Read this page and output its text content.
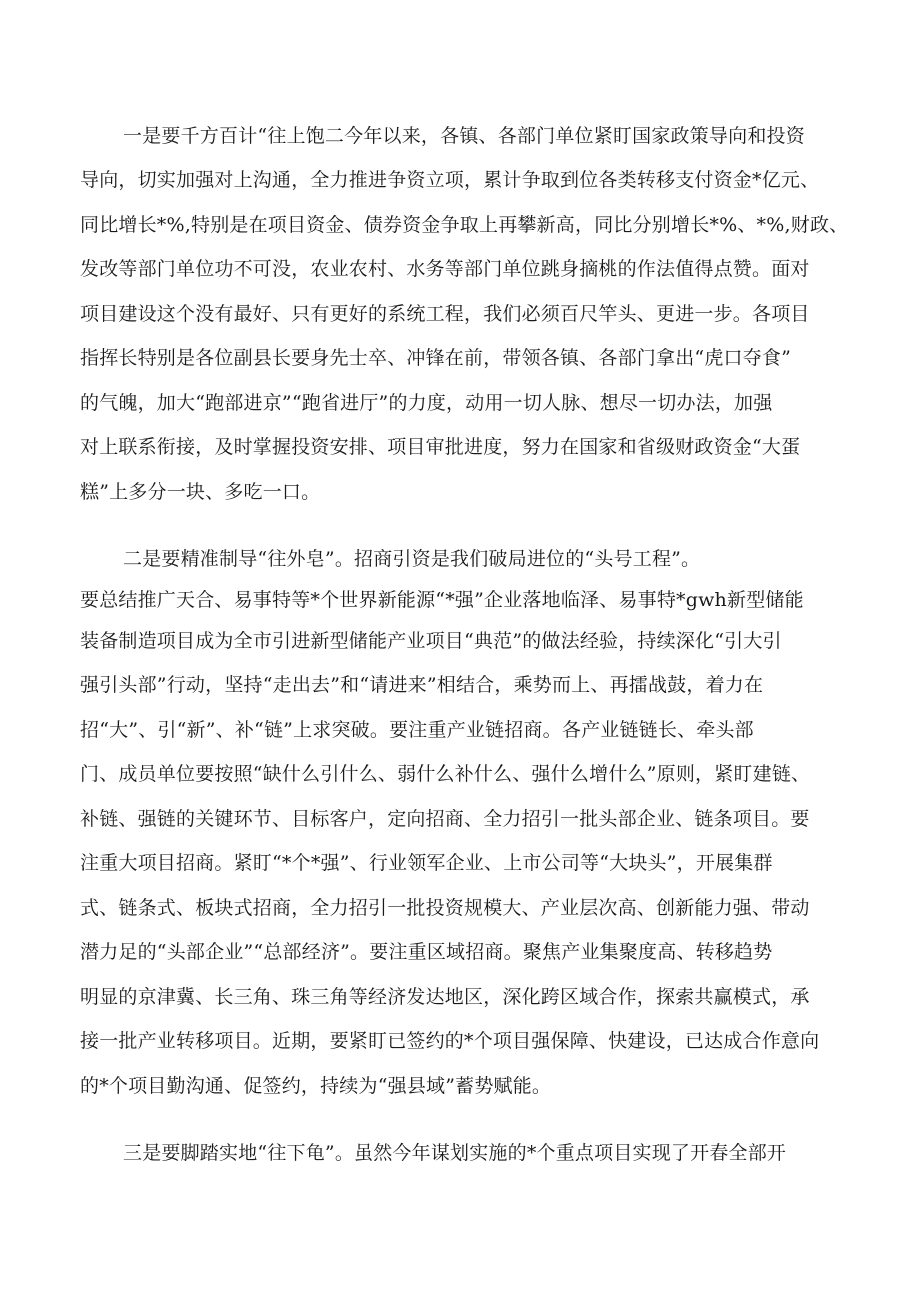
一是要千方百计“往上饱二今年以来，各镇、各部门单位紧盯国家政策导向和投资
导向，切实加强对上沟通，全力推进争资立项，累计争取到位各类转移支付资金*亿元、
同比增长*%,特别是在项目资金、债券资金争取上再攀新高，同比分别增长*%、*%,财政、
发改等部门单位功不可没，农业农村、水务等部门单位跳身摘桃的作法值得点赞。面对
项目建设这个没有最好、只有更好的系统工程，我们必须百尺竿头、更进一步。各项目
指挥长特别是各位副县长要身先士卒、冲锋在前，带领各镇、各部门拿出“虎口夺食”
的气魄，加大“跑部进京”“跑省进厅”的力度，动用一切人脉、想尽一切办法，加强
对上联系衔接，及时掌握投资安排、项目审批进度，努力在国家和省级财政资金“大蛋
糕”上多分一块、多吃一口。
二是要精准制导“往外皂”。招商引资是我们破局进位的“头号工程”。
要总结推广天合、易事特等*个世界新能源“*强”企业落地临泽、易事特*gwh新型储能
装备制造项目成为全市引进新型储能产业项目“典范”的做法经验，持续深化“引大引
强引头部”行动，坚持“走出去”和“请进来”相结合，乘势而上、再擂战鼓，着力在
招“大”、引“新”、补“链”上求突破。要注重产业链招商。各产业链链长、牵头部
门、成员单位要按照“缺什么引什么、弱什么补什么、强什么增什么”原则，紧盯建链、
补链、强链的关键环节、目标客户，定向招商、全力招引一批头部企业、链条项目。要
注重大项目招商。紧盯“*个*强”、行业领军企业、上市公司等“大块头”，开展集群
式、链条式、板块式招商，全力招引一批投资规模大、产业层次高、创新能力强、带动
潜力足的“头部企业”“总部经济”。要注重区域招商。聚焦产业集聚度高、转移趋势
明显的京津冀、长三角、珠三角等经济发达地区，深化跨区域合作，探索共赢模式，承
接一批产业转移项目。近期，要紧盯已签约的*个项目强保障、快建设，已达成合作意向
的*个项目勤沟通、促签约，持续为“强县域”蓄势赋能。
三是要脚踏实地“往下龟”。虽然今年谋划实施的*个重点项目实现了开春全部开
